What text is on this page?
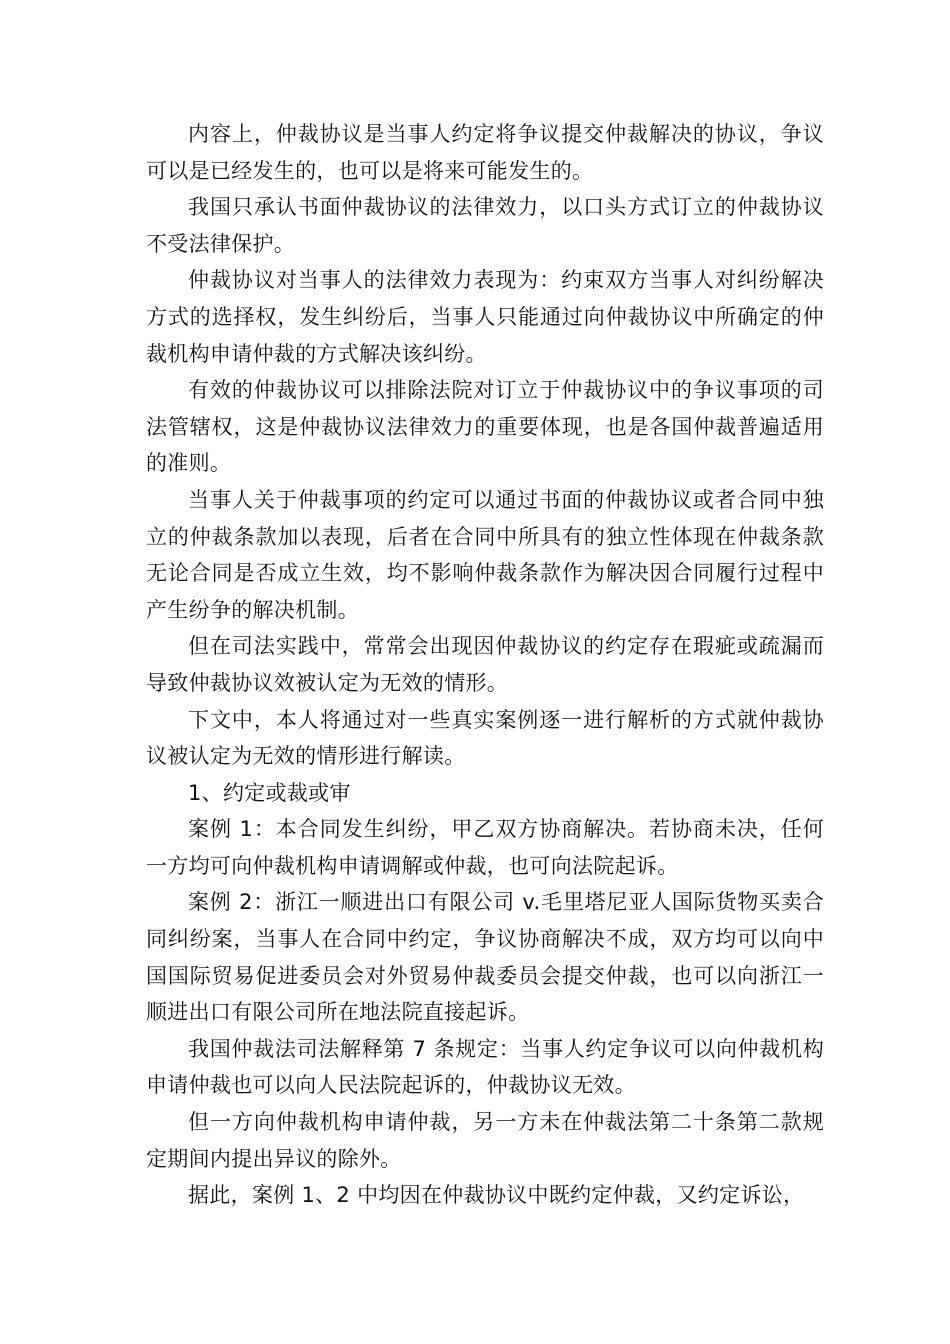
内容上，仲裁协议是当事人约定将争议提交仲裁解决的协议，争议可以是已经发生的，也可以是将来可能发生的。

我国只承认书面仲裁协议的法律效力，以口头方式订立的仲裁协议不受法律保护。

仲裁协议对当事人的法律效力表现为：约束双方当事人对纠纷解决方式的选择权，发生纠纷后，当事人只能通过向仲裁协议中所确定的仲裁机构申请仲裁的方式解决该纠纷。

有效的仲裁协议可以排除法院对订立于仲裁协议中的争议事项的司法管辖权，这是仲裁协议法律效力的重要体现，也是各国仲裁普遍适用的准则。

当事人关于仲裁事项的约定可以通过书面的仲裁协议或者合同中独立的仲裁条款加以表现，后者在合同中所具有的独立性体现在仲裁条款无论合同是否成立生效，均不影响仲裁条款作为解决因合同履行过程中产生纷争的解决机制。

但在司法实践中，常常会出现因仲裁协议的约定存在瑕疵或疏漏而导致仲裁协议效被认定为无效的情形。

下文中，本人将通过对一些真实案例逐一进行解析的方式就仲裁协议被认定为无效的情形进行解读。

1、约定或裁或审

案例 1：本合同发生纠纷，甲乙双方协商解决。若协商未决，任何一方均可向仲裁机构申请调解或仲裁，也可向法院起诉。

案例 2：浙江一顺进出口有限公司 v.毛里塔尼亚人国际货物买卖合同纠纷案，当事人在合同中约定，争议协商解决不成，双方均可以向中国国际贸易促进委员会对外贸易仲裁委员会提交仲裁，也可以向浙江一顺进出口有限公司所在地法院直接起诉。

我国仲裁法司法解释第 7 条规定：当事人约定争议可以向仲裁机构申请仲裁也可以向人民法院起诉的，仲裁协议无效。

但一方向仲裁机构申请仲裁，另一方未在仲裁法第二十条第二款规定期间内提出异议的除外。

据此，案例 1、2 中均因在仲裁协议中既约定仲裁，又约定诉讼，
